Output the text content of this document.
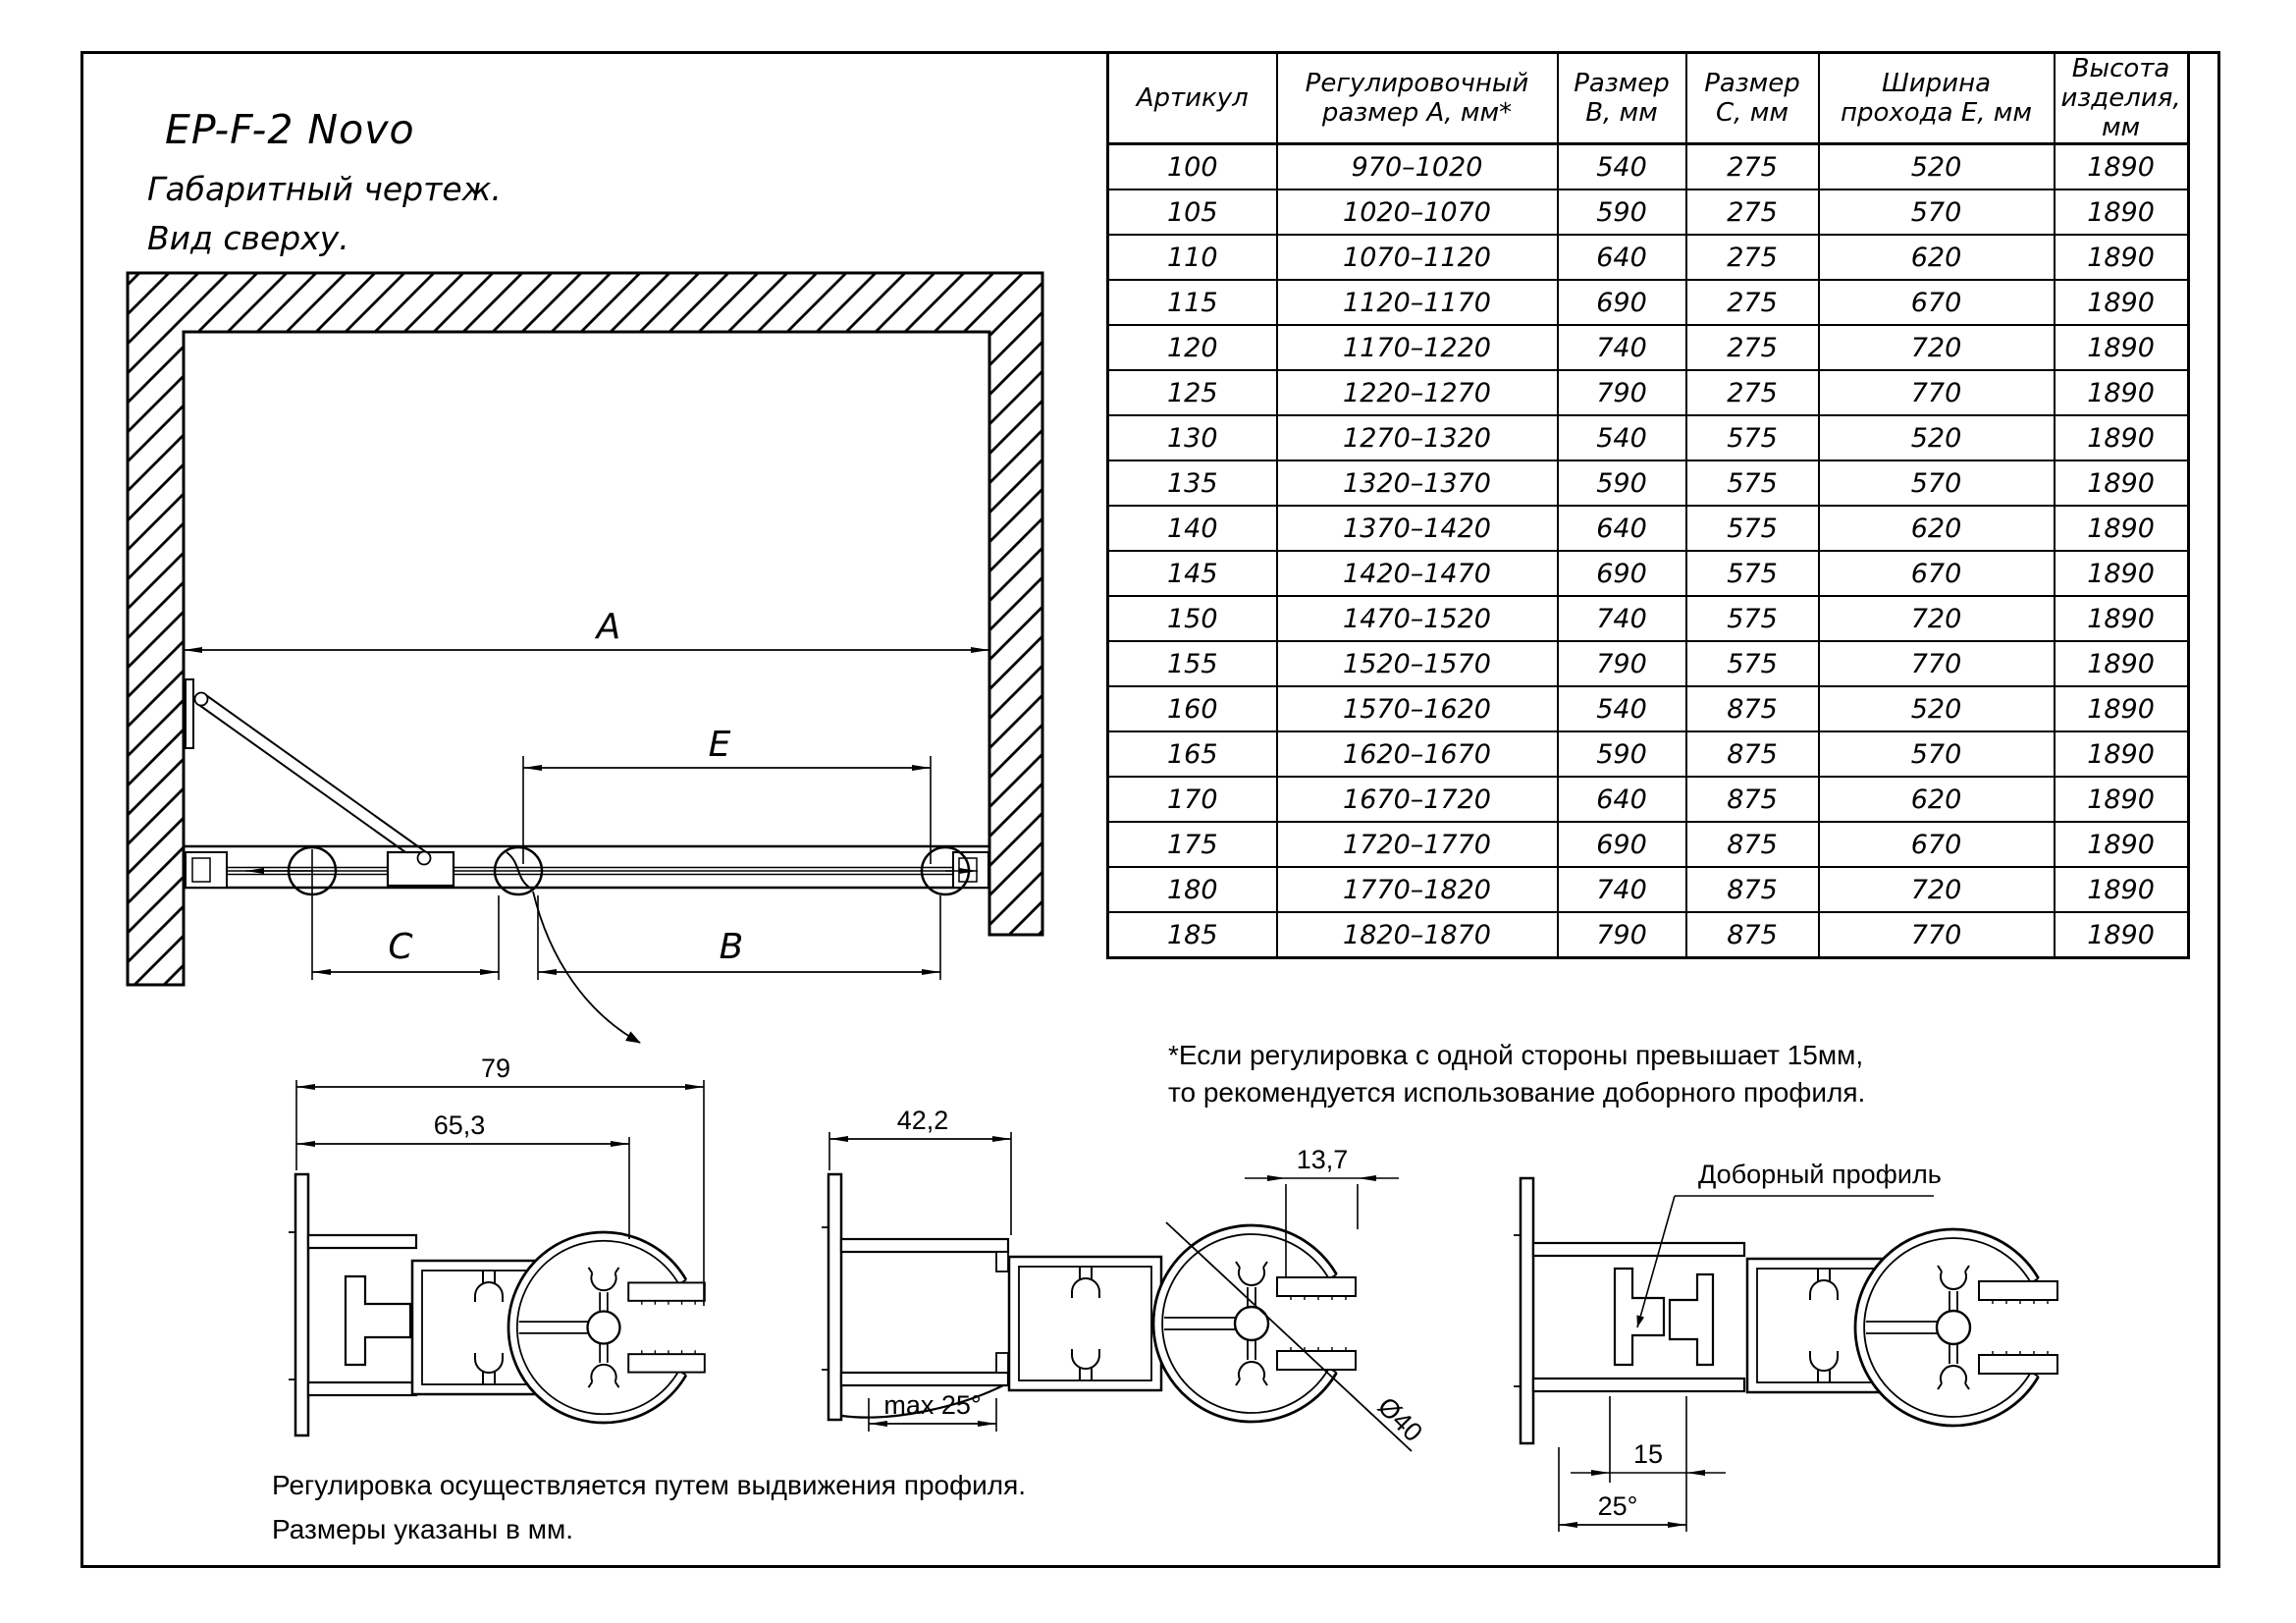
EP-F-2 Novo
Габаритный чертеж.
Вид сверху.
Артикул	Регулировочный размер А, мм*	Размер В, мм	Размер С, мм	Ширина прохода Е, мм	Высота изделия, мм
100	970–1020	540	275	520	1890
105	1020–1070	590	275	570	1890
110	1070–1120	640	275	620	1890
115	1120–1170	690	275	670	1890
120	1170–1220	740	275	720	1890
125	1220–1270	790	275	770	1890
130	1270–1320	540	575	520	1890
135	1320–1370	590	575	570	1890
140	1370–1420	640	575	620	1890
145	1420–1470	690	575	670	1890
150	1470–1520	740	575	720	1890
155	1520–1570	790	575	770	1890
160	1570–1620	540	875	520	1890
165	1620–1670	590	875	570	1890
170	1670–1720	640	875	620	1890
175	1720–1770	690	875	670	1890
180	1770–1820	740	875	720	1890
185	1820–1870	790	875	770	1890
*Если регулировка с одной стороны превышает 15мм,
то рекомендуется использование доборного профиля.
Регулировка осуществляется путем выдвижения профиля.
Размеры указаны в мм.
A
E
C	B
79
65,3	42,2
max 25°
13,7
Ø40
Доборный профиль
15
25°
